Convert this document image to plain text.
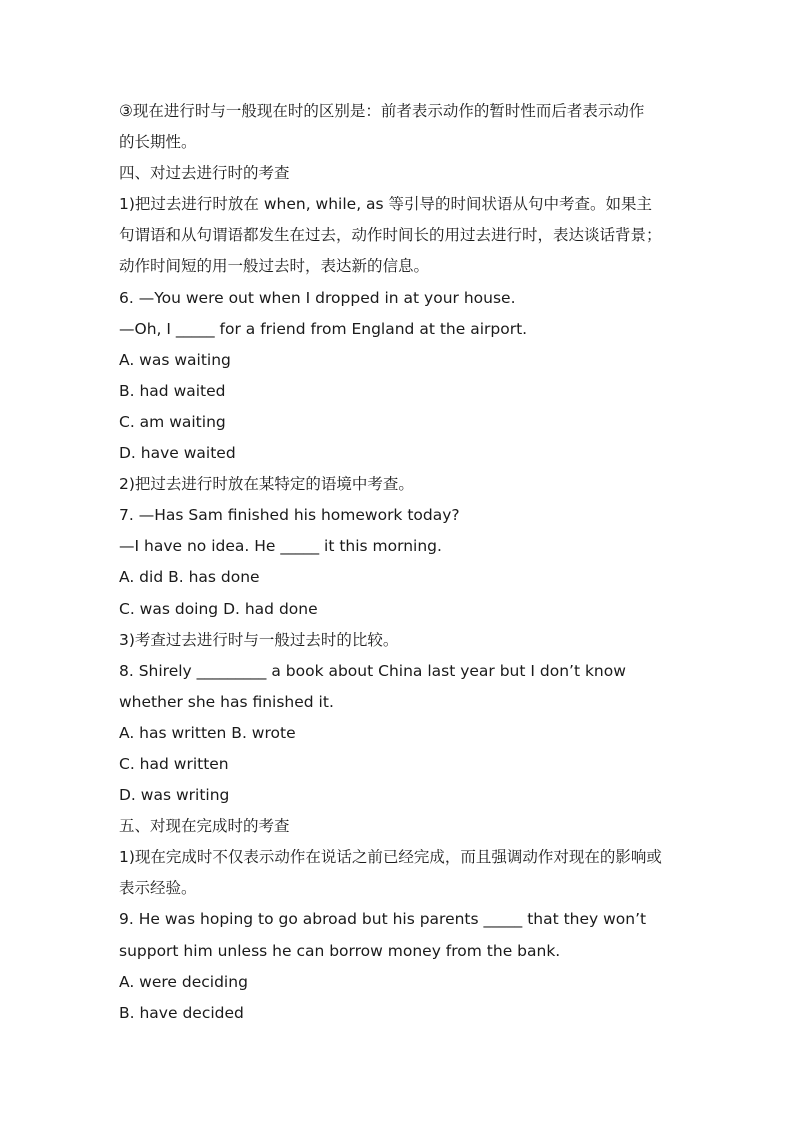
③现在进行时与一般现在时的区别是：前者表示动作的暂时性而后者表示动作
的长期性。
四、对过去进行时的考查
1)把过去进行时放在 when, while, as 等引导的时间状语从句中考查。如果主
句谓语和从句谓语都发生在过去，动作时间长的用过去进行时，表达谈话背景；
动作时间短的用一般过去时，表达新的信息。
6. —You were out when I dropped in at your house.
—Oh, I _____ for a friend from England at the airport.
A. was waiting
B. had waited
C. am waiting
D. have waited
2)把过去进行时放在某特定的语境中考查。
7. —Has Sam finished his homework today?
—I have no idea. He _____ it this morning.
A. did B. has done
C. was doing D. had done
3)考查过去进行时与一般过去时的比较。
8. Shirely _________ a book about China last year but I don’t know
whether she has finished it.
A. has written B. wrote
C. had written
D. was writing
五、对现在完成时的考查
1)现在完成时不仅表示动作在说话之前已经完成，而且强调动作对现在的影响或
表示经验。
9. He was hoping to go abroad but his parents _____ that they won’t
support him unless he can borrow money from the bank.
A. were deciding
B. have decided
